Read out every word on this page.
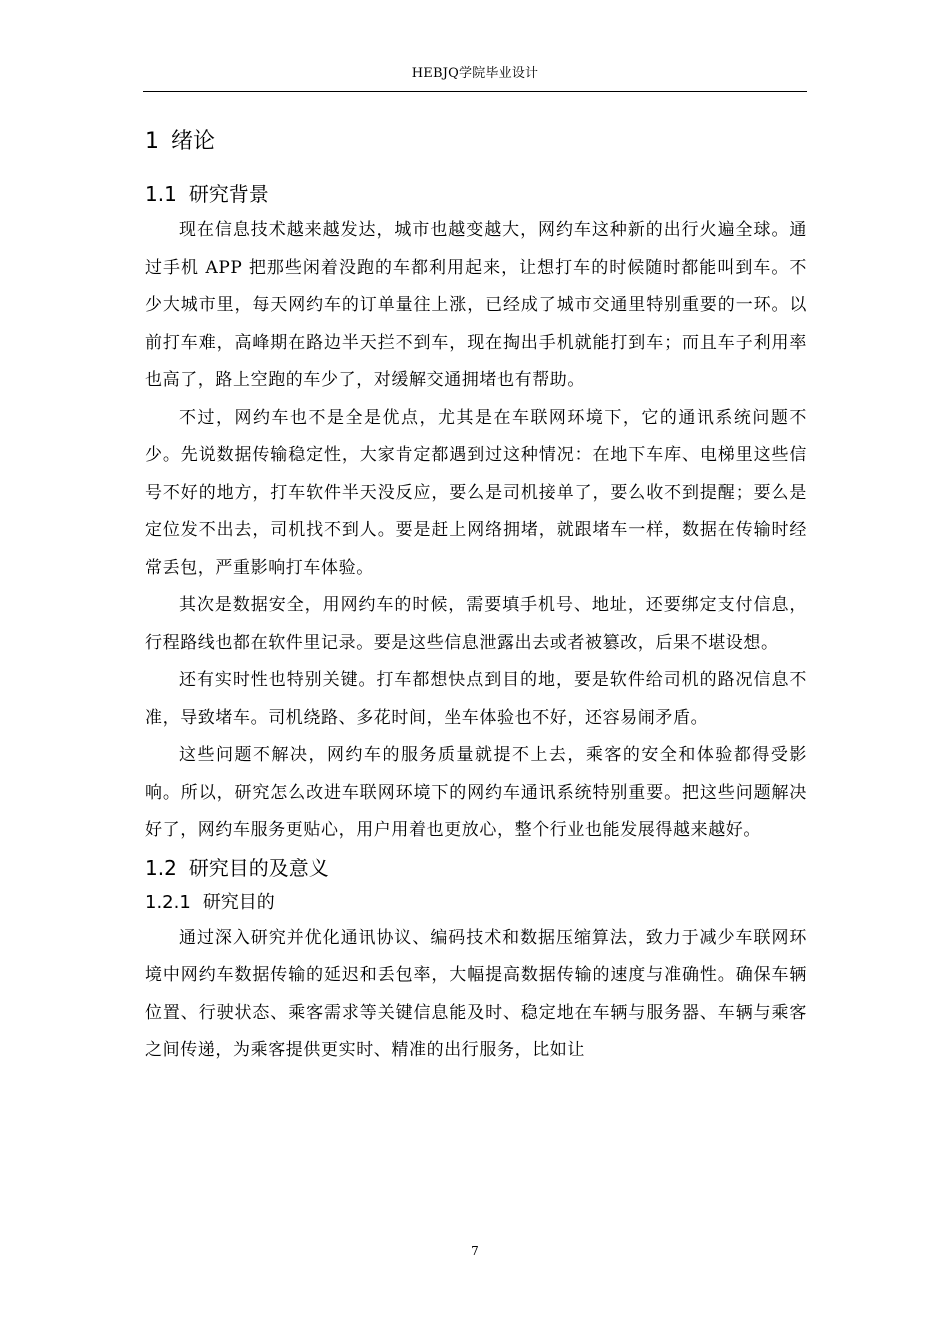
HEBJQ学院毕业设计
1 绪论
1.1 研究背景

现在信息技术越来越发达，城市也越变越大，网约车这种新的出行火遍全球。通过手机 APP 把那些闲着没跑的车都利用起来，让想打车的时候随时都能叫到车。不少大城市里，每天网约车的订单量往上涨，已经成了城市交通里特别重要的一环。以前打车难，高峰期在路边半天拦不到车，现在掏出手机就能打到车；而且车子利用率也高了，路上空跑的车少了，对缓解交通拥堵也有帮助。

不过，网约车也不是全是优点，尤其是在车联网环境下，它的通讯系统问题不少。先说数据传输稳定性，大家肯定都遇到过这种情况：在地下车库、电梯里这些信号不好的地方，打车软件半天没反应，要么是司机接单了，要么收不到提醒；要么是定位发不出去，司机找不到人。要是赶上网络拥堵，就跟堵车一样，数据在传输时经常丢包，严重影响打车体验。

其次是数据安全，用网约车的时候，需要填手机号、地址，还要绑定支付信息，行程路线也都在软件里记录。要是这些信息泄露出去或者被篡改，后果不堪设想。

还有实时性也特别关键。打车都想快点到目的地，要是软件给司机的路况信息不准，导致堵车。司机绕路、多花时间，坐车体验也不好，还容易闹矛盾。

这些问题不解决，网约车的服务质量就提不上去，乘客的安全和体验都得受影响。所以，研究怎么改进车联网环境下的网约车通讯系统特别重要。把这些问题解决好了，网约车服务更贴心，用户用着也更放心，整个行业也能发展得越来越好。

1.2 研究目的及意义
1.2.1 研究目的

通过深入研究并优化通讯协议、编码技术和数据压缩算法，致力于减少车联网环境中网约车数据传输的延迟和丢包率，大幅提高数据传输的速度与准确性。确保车辆位置、行驶状态、乘客需求等关键信息能及时、稳定地在车辆与服务器、车辆与乘客之间传递，为乘客提供更实时、精准的出行服务，比如让

7
